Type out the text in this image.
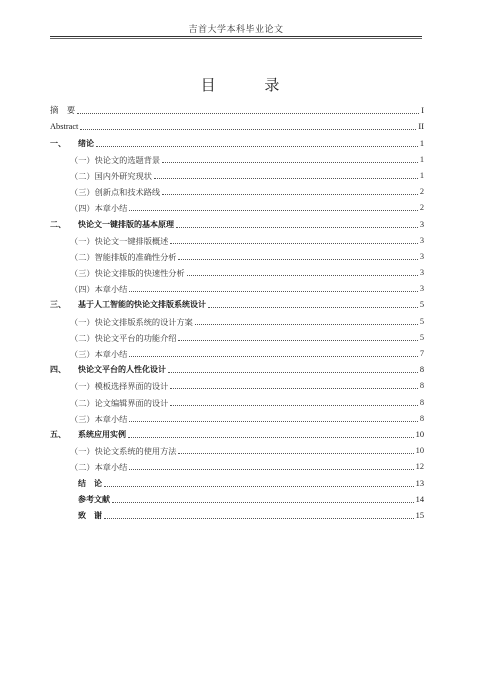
吉首大学本科毕业论文
目 录
摘　要	I
Abstract	II
一、	绪论	1
（一）快论文的选题背景	1
（二）国内外研究现状	1
（三）创新点和技术路线	2
（四）本章小结	2
二、	快论文一键排版的基本原理	3
（一）快论文一键排版概述	3
（二）智能排版的准确性分析	3
（三）快论文排版的快速性分析	3
（四）本章小结	3
三、	基于人工智能的快论文排版系统设计	5
（一）快论文排版系统的设计方案	5
（二）快论文平台的功能介绍	5
（三）本章小结	7
四、	快论文平台的人性化设计	8
（一）模板选择界面的设计	8
（二）论文编辑界面的设计	8
（三）本章小结	8
五、	系统应用实例	10
（一）快论文系统的使用方法	10
（二）本章小结	12
结　论	13
参考文献	14
致　谢	15
